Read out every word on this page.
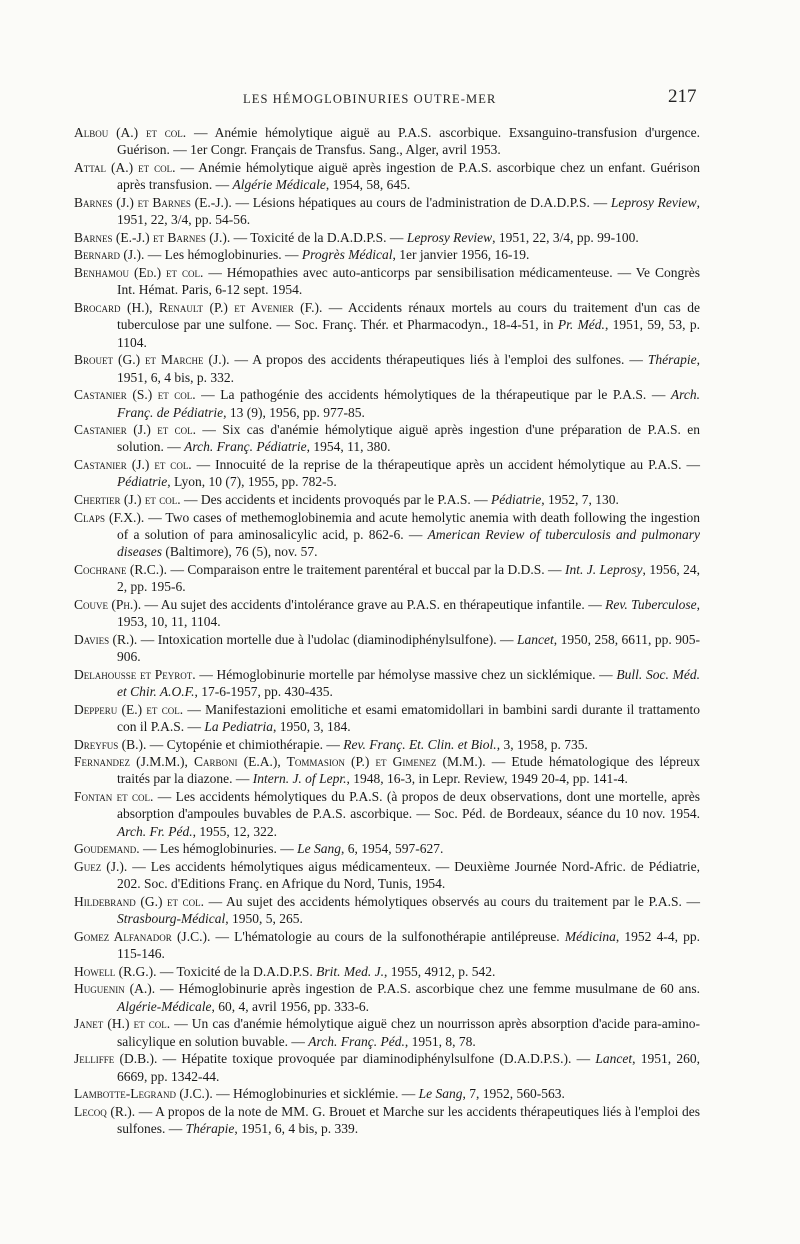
LES HÉMOGLOBINURIES OUTRE-MER	217

Albou (A.) et col. — Anémie hémolytique aiguë au P.A.S. ascorbique. Exsanguino-transfusion d'urgence. Guérison. — 1er Congr. Français de Transfus. Sang., Alger, avril 1953.

Attal (A.) et col. — Anémie hémolytique aiguë après ingestion de P.A.S. ascorbique chez un enfant. Guérison après transfusion. — Algérie Médicale, 1954, 58, 645.

Barnes (J.) et Barnes (E.-J.). — Lésions hépatiques au cours de l'administration de D.A.D.P.S. — Leprosy Review, 1951, 22, 3/4, pp. 54-56.

Barnes (E.-J.) et Barnes (J.). — Toxicité de la D.A.D.P.S. — Leprosy Review, 1951, 22, 3/4, pp. 99-100.

Bernard (J.). — Les hémoglobinuries. — Progrès Médical, 1er janvier 1956, 16-19.

Benhamou (Ed.) et col. — Hémopathies avec auto-anticorps par sensibilisation médicamenteuse. — Ve Congrès Int. Hémat. Paris, 6-12 sept. 1954.

Brocard (H.), Renault (P.) et Avenier (F.). — Accidents rénaux mortels au cours du traitement d'un cas de tuberculose par une sulfone. — Soc. Franç. Thér. et Pharmacodyn., 18-4-51, in Pr. Méd., 1951, 59, 53, p. 1104.

Brouet (G.) et Marche (J.). — A propos des accidents thérapeutiques liés à l'emploi des sulfones. — Thérapie, 1951, 6, 4 bis, p. 332.

Castanier (S.) et col. — La pathogénie des accidents hémolytiques de la thérapeutique par le P.A.S. — Arch. Franç. de Pédiatrie, 13 (9), 1956, pp. 977-85.

Castanier (J.) et col. — Six cas d'anémie hémolytique aiguë après ingestion d'une préparation de P.A.S. en solution. — Arch. Franç. Pédiatrie, 1954, 11, 380.

Castanier (J.) et col. — Innocuité de la reprise de la thérapeutique après un accident hémolytique au P.A.S. — Pédiatrie, Lyon, 10 (7), 1955, pp. 782-5.

Chertier (J.) et col. — Des accidents et incidents provoqués par le P.A.S. — Pédiatrie, 1952, 7, 130.

Claps (F.X.). — Two cases of methemoglobinemia and acute hemolytic anemia with death following the ingestion of a solution of para aminosalicylic acid, p. 862-6. — American Review of tuberculosis and pulmonary diseases (Baltimore), 76 (5), nov. 57.

Cochrane (R.C.). — Comparaison entre le traitement parentéral et buccal par la D.D.S. — Int. J. Leprosy, 1956, 24, 2, pp. 195-6.

Couve (Ph.). — Au sujet des accidents d'intolérance grave au P.A.S. en thérapeutique infantile. — Rev. Tuberculose, 1953, 10, 11, 1104.

Davies (R.). — Intoxication mortelle due à l'udolac (diaminodiphénylsulfone). — Lancet, 1950, 258, 6611, pp. 905-906.

Delahousse et Peyrot. — Hémoglobinurie mortelle par hémolyse massive chez un sicklémique. — Bull. Soc. Méd. et Chir. A.O.F., 17-6-1957, pp. 430-435.

Depperu (E.) et col. — Manifestazioni emolitiche et esami ematomidollari in bambini sardi durante il trattamento con il P.A.S. — La Pediatria, 1950, 3, 184.

Dreyfus (B.). — Cytopénie et chimiothérapie. — Rev. Franç. Et. Clin. et Biol., 3, 1958, p. 735.

Fernandez (J.M.M.), Carboni (E.A.), Tommasion (P.) et Gimenez (M.M.). — Etude hématologique des lépreux traités par la diazone. — Intern. J. of Lepr., 1948, 16-3, in Lepr. Review, 1949 20-4, pp. 141-4.

Fontan et col. — Les accidents hémolytiques du P.A.S. (à propos de deux observations, dont une mortelle, après absorption d'ampoules buvables de P.A.S. ascorbique. — Soc. Péd. de Bordeaux, séance du 10 nov. 1954. Arch. Fr. Péd., 1955, 12, 322.

Goudemand. — Les hémoglobinuries. — Le Sang, 6, 1954, 597-627.

Guez (J.). — Les accidents hémolytiques aigus médicamenteux. — Deuxième Journée Nord-Afric. de Pédiatrie, 202. Soc. d'Editions Franç. en Afrique du Nord, Tunis, 1954.

Hildebrand (G.) et col. — Au sujet des accidents hémolytiques observés au cours du traitement par le P.A.S. — Strasbourg-Médical, 1950, 5, 265.

Gomez Alfanador (J.C.). — L'hématologie au cours de la sulfonothérapie antilépreuse. Médicina, 1952 4-4, pp. 115-146.

Howell (R.G.). — Toxicité de la D.A.D.P.S. Brit. Med. J., 1955, 4912, p. 542.

Huguenin (A.). — Hémoglobinurie après ingestion de P.A.S. ascorbique chez une femme musulmane de 60 ans. Algérie-Médicale, 60, 4, avril 1956, pp. 333-6.

Janet (H.) et col. — Un cas d'anémie hémolytique aiguë chez un nourrisson après absorption d'acide para-amino-salicylique en solution buvable. — Arch. Franç. Péd., 1951, 8, 78.

Jelliffe (D.B.). — Hépatite toxique provoquée par diaminodiphénylsulfone (D.A.D.P.S.). — Lancet, 1951, 260, 6669, pp. 1342-44.

Lambotte-Legrand (J.C.). — Hémoglobinuries et sicklémie. — Le Sang, 7, 1952, 560-563.

Lecoq (R.). — A propos de la note de MM. G. Brouet et Marche sur les accidents thérapeutiques liés à l'emploi des sulfones. — Thérapie, 1951, 6, 4 bis, p. 339.
